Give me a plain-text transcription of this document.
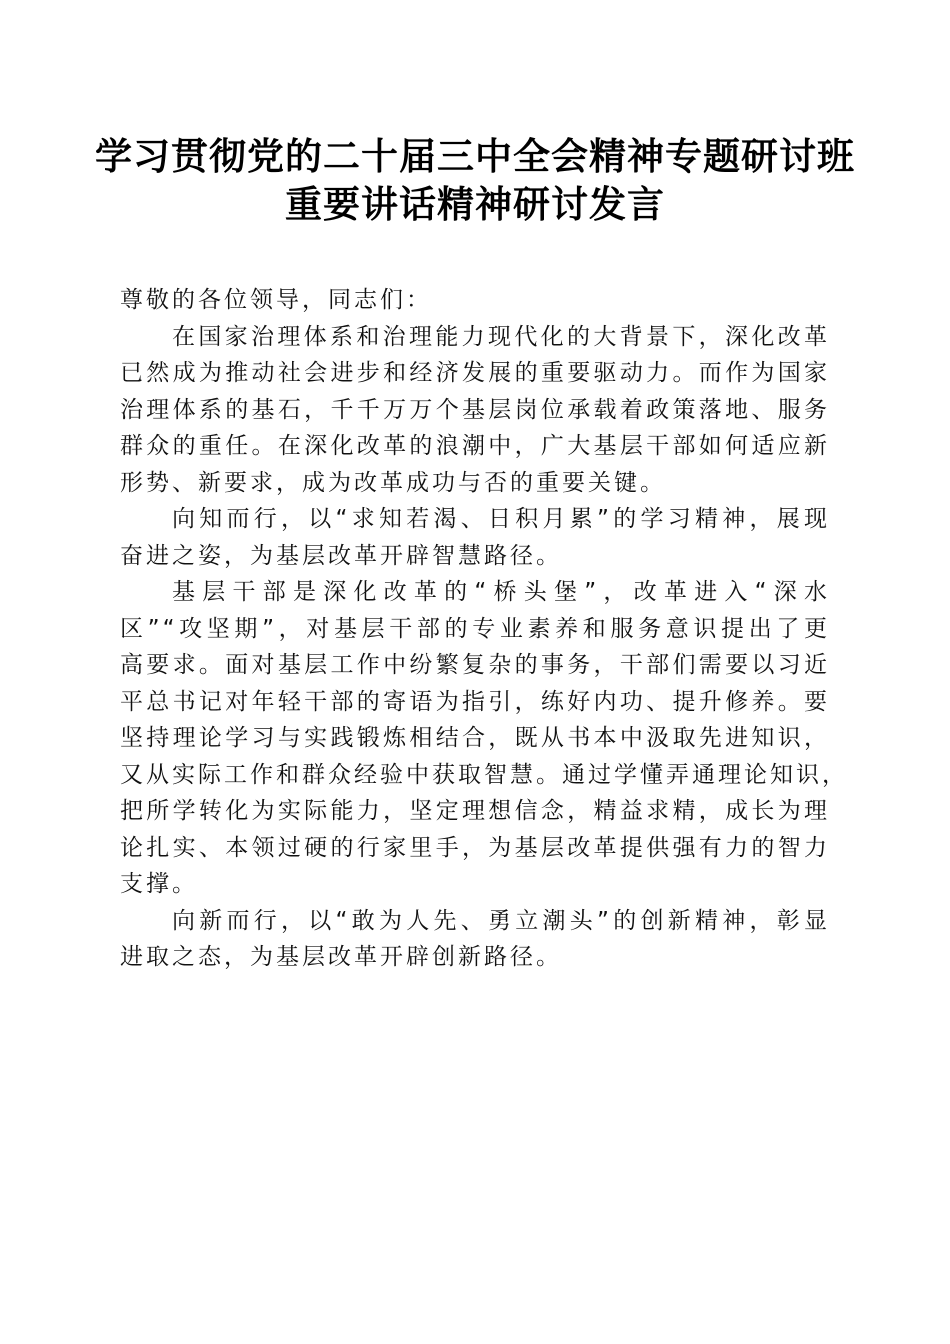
学习贯彻党的二十届三中全会精神专题研讨班
重要讲话精神研讨发言
尊敬的各位领导，同志们：
在国家治理体系和治理能力现代化的大背景下，深化改革
已然成为推动社会进步和经济发展的重要驱动力。而作为国家
治理体系的基石，千千万万个基层岗位承载着政策落地、服务
群众的重任。在深化改革的浪潮中，广大基层干部如何适应新
形势、新要求，成为改革成功与否的重要关键。
向知而行，以“求知若渴、日积月累”的学习精神，展现
奋进之姿，为基层改革开辟智慧路径。
基层干部是深化改革的“桥头堡”，改革进入“深水
区”“攻坚期”，对基层干部的专业素养和服务意识提出了更
高要求。面对基层工作中纷繁复杂的事务，干部们需要以习近
平总书记对年轻干部的寄语为指引，练好内功、提升修养。要
坚持理论学习与实践锻炼相结合，既从书本中汲取先进知识，
又从实际工作和群众经验中获取智慧。通过学懂弄通理论知识，
把所学转化为实际能力，坚定理想信念，精益求精，成长为理
论扎实、本领过硬的行家里手，为基层改革提供强有力的智力
支撑。
向新而行，以“敢为人先、勇立潮头”的创新精神，彰显
进取之态，为基层改革开辟创新路径。
